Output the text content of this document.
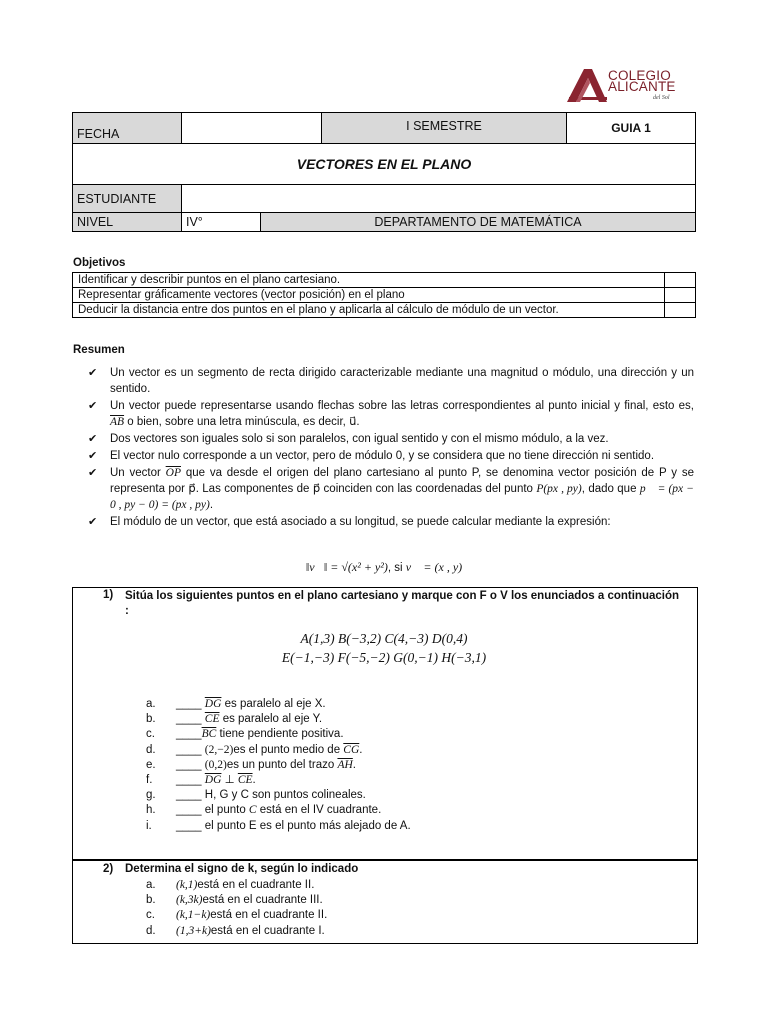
COLEGIO
ALICANTE
del Sol
FECHA		I SEMESTRE	GUIA 1
VECTORES EN EL PLANO			
ESTUDIANTE			
NIVEL	IV° DEPARTAMENTO DE MATEMÁTICA		
Objetivos
Identificar y describir puntos en el plano cartesiano.	
Representar gráficamente vectores (vector posición) en el plano	
Deducir la distancia entre dos puntos en el plano y aplicarla al cálculo de módulo de un vector.	
Resumen
✔ Un vector es un segmento de recta dirigido caracterizable mediante una magnitud o módulo, una dirección y un sentido.
✔ Un vector puede representarse usando flechas sobre las letras correspondientes al punto inicial y final, esto es, $\overline{AB}$ o bien, sobre una letra minúscula, es decir, u⃗.
✔ Dos vectores son iguales solo si son paralelos, con igual sentido y con el mismo módulo, a la vez.
✔ El vector nulo corresponde a un vector, pero de módulo 0, y se considera que no tiene dirección ni sentido.
✔ Un vector $\overline{OP}$ que va desde el origen del plano cartesiano al punto P, se denomina vector posición de P y se representa por p⃗. Las componentes de p⃗ coinciden con las coordenadas del punto P(px , py), dado que p⃗ = (px − 0 , py − 0) = (px , py).
✔ El módulo de un vector, que está asociado a su longitud, se puede calcular mediante la expresión:
‖v⃗‖ = √(x² + y²), si v⃗ = (x , y)
1) Sitúa los siguientes puntos en el plano cartesiano y marque con F o V los enunciados a continuación
:
A(1,3) B(−3,2) C(4,−3) D(0,4)
E(−1,−3) F(−5,−2) G(0,−1) H(−3,1)
a. ____ $\overline{DG}$ es paralelo al eje X.
b. ____ $\overline{CE}$ es paralelo al eje Y.
c. $\_\_\_\_\overline{BC}$ tiene pendiente positiva.
d. ____ (2,−2)es el punto medio de $\overline{CG}$.
e. ____ (0,2)es un punto del trazo $\overline{AH}$.
f. ____ $\overline{DG}$ ⊥ $\overline{CE}$.
g. ____ H, G y C son puntos colineales.
h. ____ el punto C está en el IV cuadrante.
i. ____ el punto E es el punto más alejado de A.
2) Determina el signo de k, según lo indicado
a. (k,1)está en el cuadrante II.
b. (k,3k)está en el cuadrante III.
c. (k,1−k)está en el cuadrante II.
d. (1,3+k)está en el cuadrante I.
